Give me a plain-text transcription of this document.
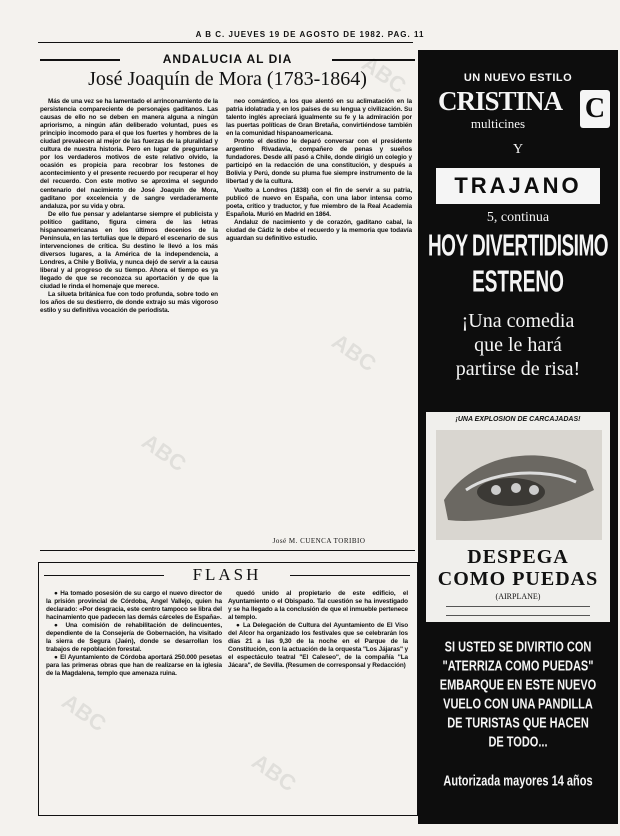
A B C. JUEVES 19 DE AGOSTO DE 1982. PAG. 11
ANDALUCIA AL DIA
José Joaquín de Mora (1783-1864)

Más de una vez se ha lamentado el arrinconamiento de la persistencia compareciente de personajes gaditanos. Las causas de ello no se deben en manera alguna a ningún apriorismo, a ningún afán deliberado voluntad, pues es principio incomodo para el que los fuertes y hombres de la ciudad prevalecen al mejor de las fuerzas de la pluralidad y cultura de nuestra historia. Pero en lugar de preguntarse por los verdaderos motivos de este relativo olvido, la ocasión es propicia para recobrar los festones de acontecimiento y el presente recuerdo por recuperar el hoy del recuerdo. Con este motivo se aproxima el segundo centenario del nacimiento de José Joaquín de Mora, gaditano por excelencia y de sangre verdaderamente andaluza, por su vida y obra.

De ello fue pensar y adelantarse siempre el publicista y político gaditano, figura cimera de las letras hispanoamericanas en los últimos decenios de la Península, en las tertulias que le deparó el escenario de sus intervenciones de crítica. Su destino le llevó a los más diversos lugares, a la América de la independencia, a Londres, a Chile y Bolivia, y nunca dejó de servir a la causa liberal y al progreso de su tiempo. Ahora el tiempo es ya llegado de que se reconozca su aportación y de que la ciudad le rinda el homenaje que merece.

La silueta británica fue con todo profunda, sobre todo en los años de su destierro, de donde extrajo su más vigoroso estilo y su definitiva vocación de periodista.

neo comántico, a los que alentó en su aclimatación en la patria idolatrada y en los países de su lengua y civilización. Su talento inglés apreciará igualmente su fe y la admiración por las puertas políticas de Gran Bretaña, convirtiéndose también en la comunidad hispanoamericana.

Pronto el destino le deparó conversar con el presidente argentino Rivadavia, compañero de penas y sueños fundadores. Desde allí pasó a Chile, donde dirigió un colegio y participó en la redacción de una constitución, y después a Bolivia y Perú, donde su pluma fue siempre instrumento de la libertad y de la cultura.

Vuelto a Londres (1838) con el fin de servir a su patria, publicó de nuevo en España, con una labor intensa como poeta, crítico y traductor, y fue miembro de la Real Academia Española. Murió en Madrid en 1864.

Andaluz de nacimiento y de corazón, gaditano cabal, la ciudad de Cádiz le debe el recuerdo y la memoria que todavía aguardan su definitivo estudio.

José M. CUENCA TORIBIO
FLASH

● Ha tomado posesión de su cargo el nuevo director de la prisión provincial de Córdoba, Angel Vallejo, quien ha declarado: «Por desgracia, este centro tampoco se libra del hacinamiento que padecen las demás cárceles de España».

● Una comisión de rehabilitación de delincuentes, dependiente de la Consejería de Gobernación, ha visitado la sierra de Segura (Jaén), donde se desarrollan los trabajos de repoblación forestal.

● El Ayuntamiento de Córdoba aportará 250.000 pesetas para las primeras obras que han de realizarse en la iglesia de la Magdalena, templo que amenaza ruina.

quedó unido al propietario de este edificio, el Ayuntamiento o el Obispado. Tal cuestión se ha investigado y se ha llegado a la conclusión de que el inmueble pertenece al templo.

● La Delegación de Cultura del Ayuntamiento de El Viso del Alcor ha organizado los festivales que se celebrarán los días 21 a las 9,30 de la noche en el Parque de la Constitución, con la actuación de la orquesta "Los Jájaras" y el espectáculo teatral "El Caleseo", de la compañía "La Jácara", de Sevilla. (Resumen de corresponsal y Redacción)

ABC
ABC
ABC
ABC
ABC
UN NUEVO ESTILO
CRISTINA
multicines	C
Y
TRAJANO
5, continua
HOY DIVERTIDISIMO
ESTRENO
¡Una comedia
que le hará
partirse de risa!
¡UNA EXPLOSION DE CARCAJADAS!
DESPEGA
COMO PUEDAS
(AIRPLANE)
SI USTED SE DIVIRTIO CON
"ATERRIZA COMO PUEDAS"
EMBARQUE EN ESTE NUEVO
VUELO CON UNA PANDILLA
DE TURISTAS QUE HACEN
DE TODO...
Autorizada mayores 14 años
